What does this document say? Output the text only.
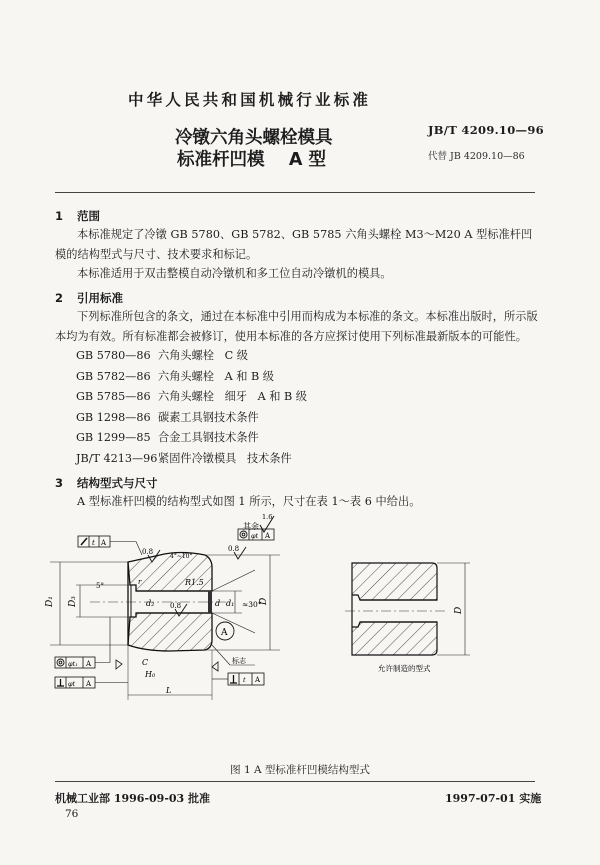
中华人民共和国机械行业标准
JB/T 4209.10—96
代替 JB 4209.10—86
冷镦六角头螺栓模具
标准杆凹模    A 型
1 范围
本标准规定了冷镦 GB 5780、GB 5782、GB 5785 六角头螺栓 M3～M20 A 型标准杆凹模的结构型式与尺寸、技术要求和标记。
本标准适用于双击整模自动冷镦机和多工位自动冷镦机的模具。
2 引用标准
下列标准所包含的条文，通过在本标准中引用而构成为本标准的条文。本标准出版时，所示版本均为有效。所有标准都会被修订，使用本标准的各方应探讨使用下列标准最新版本的可能性。
GB 5780—86 六角头螺栓   C 级
GB 5782—86 六角头螺栓   A 和 B 级
GB 5785—86 六角头螺栓   细牙   A 和 B 级
GB 1298—86 碳素工具钢技术条件
GB 1299—85 合金工具钢技术条件
JB/T 4213—96 紧固件冷镦模具   技术条件
3 结构型式与尺寸
A 型标准杆凹模的结构型式如图 1 所示，尺寸在表 1～表 6 中给出。
D₁ D₃	D
d₂	d d₁ ≈30°
A
R1.5
4°~10°
5°	r
0.8	0.8
0.8
其余
1.6
t A
φt A
φt₁ A
φt A	t A
C
H₀
L
标志
D
允许制造的型式
图 1 A 型标准杆凹模结构型式
机械工业部 1996-09-03 批准	1997-07-01 实施
76
